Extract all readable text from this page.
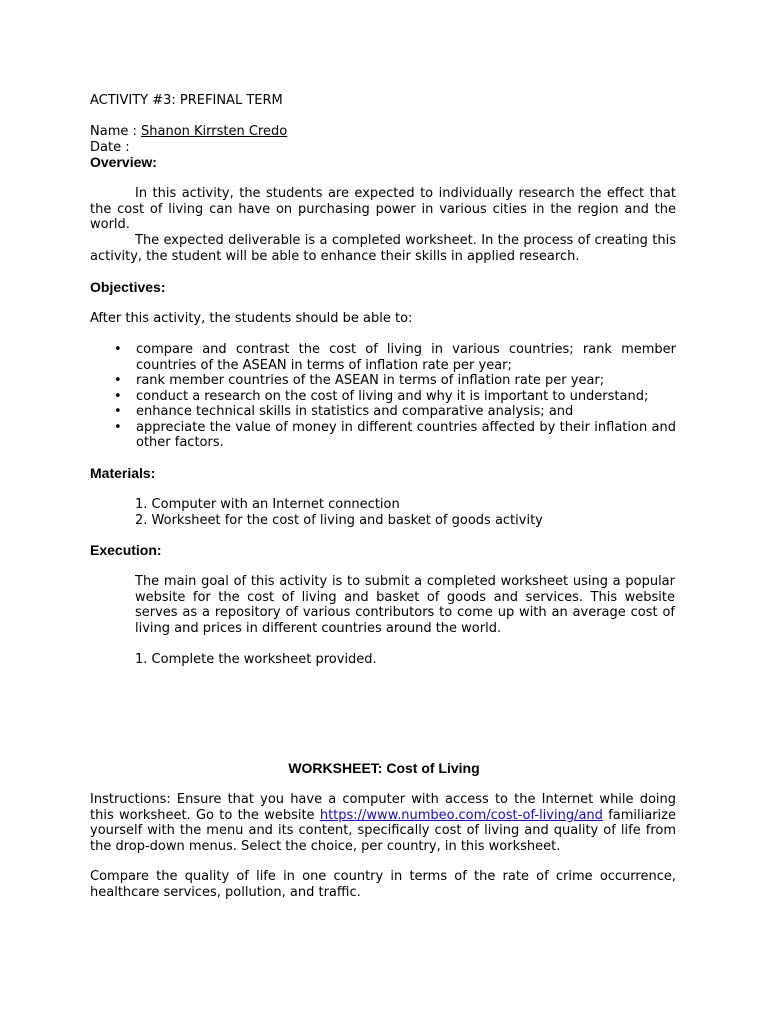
ACTIVITY #3: PREFINAL TERM
Name : Shanon Kirrsten Credo
Date :
Overview:
In this activity, the students are expected to individually research the effect that the cost of living can have on purchasing power in various cities in the region and the world.
The expected deliverable is a completed worksheet. In the process of creating this activity, the student will be able to enhance their skills in applied research.
Objectives:
After this activity, the students should be able to:
• compare and contrast the cost of living in various countries; rank member countries of the ASEAN in terms of inflation rate per year;
• rank member countries of the ASEAN in terms of inflation rate per year;
• conduct a research on the cost of living and why it is important to understand;
• enhance technical skills in statistics and comparative analysis; and
• appreciate the value of money in different countries affected by their inflation and other factors.
Materials:
1. Computer with an Internet connection
2. Worksheet for the cost of living and basket of goods activity
Execution:
The main goal of this activity is to submit a completed worksheet using a popular website for the cost of living and basket of goods and services. This website serves as a repository of various contributors to come up with an average cost of living and prices in different countries around the world.
1. Complete the worksheet provided.
WORKSHEET: Cost of Living
Instructions: Ensure that you have a computer with access to the Internet while doing this worksheet. Go to the website https://www.numbeo.com/cost-of-living/and familiarize yourself with the menu and its content, specifically cost of living and quality of life from the drop-down menus. Select the choice, per country, in this worksheet.
Compare the quality of life in one country in terms of the rate of crime occurrence, healthcare services, pollution, and traffic.
